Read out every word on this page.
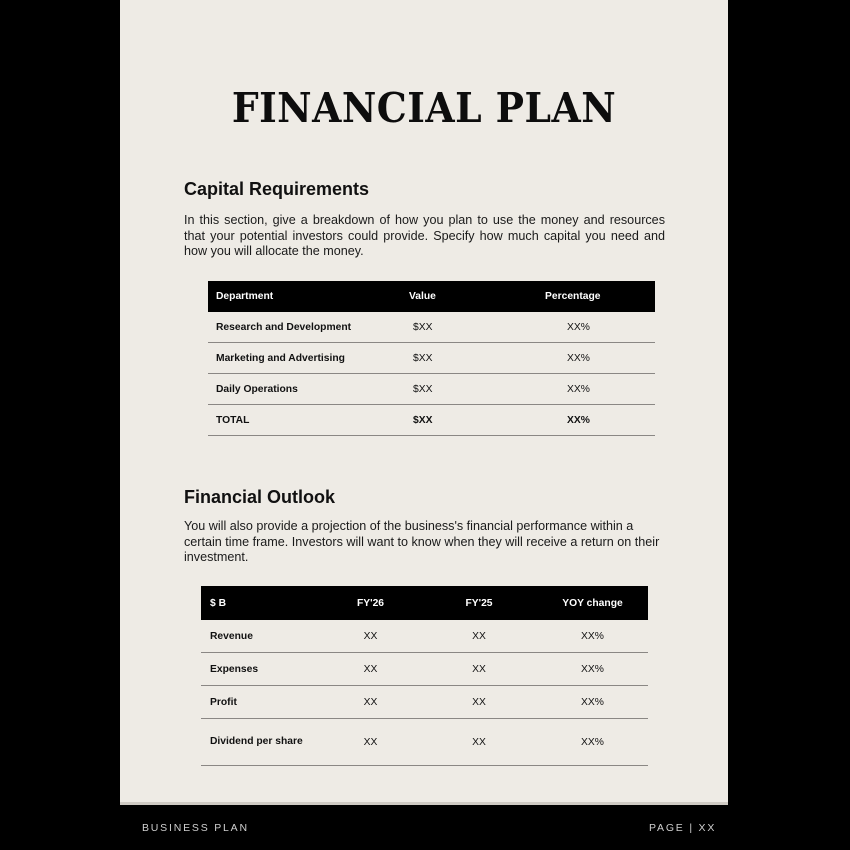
FINANCIAL PLAN
Capital Requirements
In this section, give a breakdown of how you plan to use the money and resources that your potential investors could provide. Specify how much capital you need and how you will allocate the money.
Department	Value	Percentage
Research and Development	$XX	XX%
Marketing and Advertising	$XX	XX%
Daily Operations	$XX	XX%
TOTAL	$XX	XX%
Financial Outlook
You will also provide a projection of the business's financial performance within a certain time frame. Investors will want to know when they will receive a return on their investment.
$ B	FY'26	FY'25	YOY change
Revenue	XX	XX	XX%
Expenses	XX	XX	XX%
Profit	XX	XX	XX%
Dividend per share	XX	XX	XX%
BUSINESS PLAN	PAGE | XX
